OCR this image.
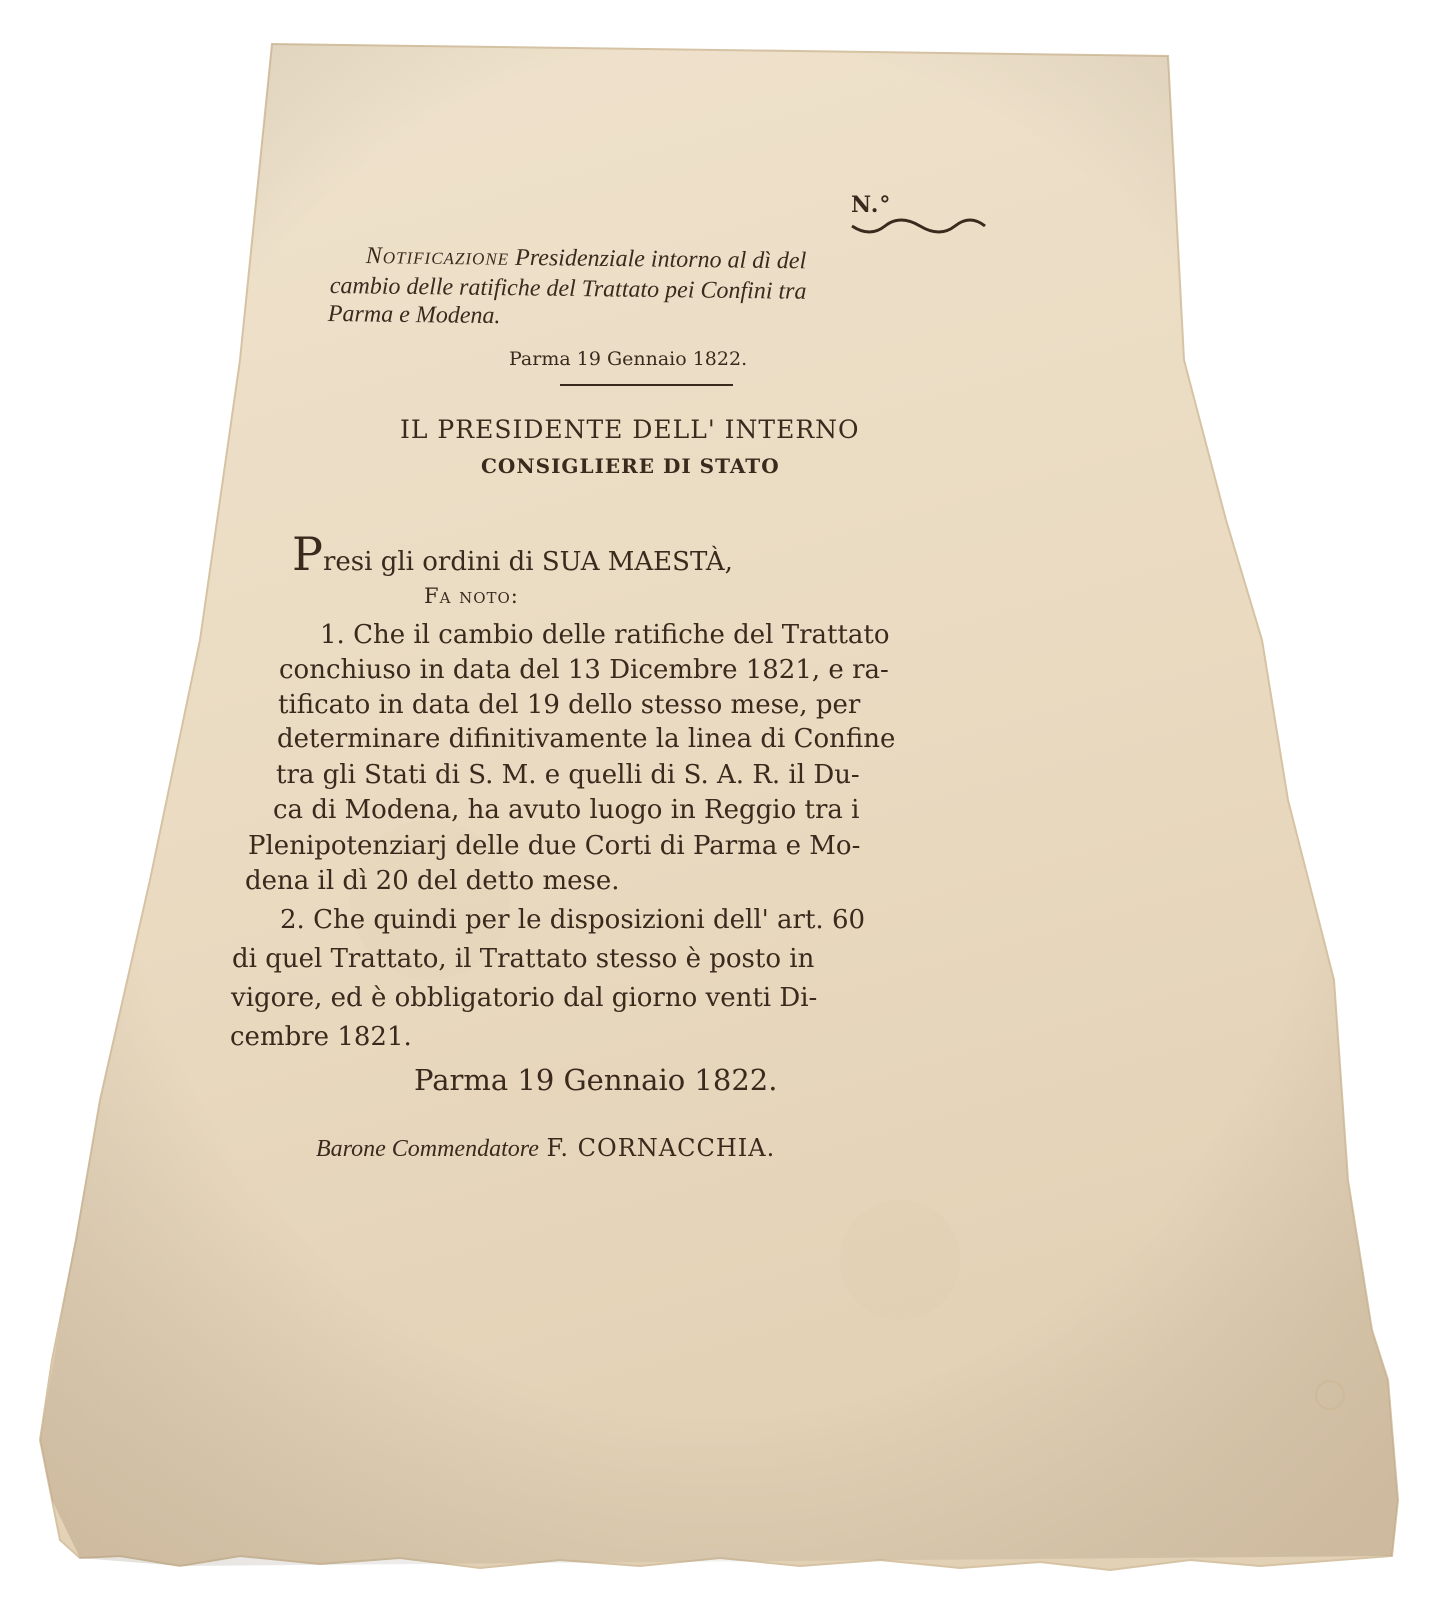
N.°
Notificazione Presidenziale intorno al dì del
cambio delle ratifiche del Trattato pei Confini tra
Parma e Modena.
Parma 19 Gennaio 1822.
IL PRESIDENTE DELL' INTERNO
CONSIGLIERE DI STATO
Presi gli ordini di SUA MAESTÀ,
Fa noto:
1. Che il cambio delle ratifiche del Trattato
conchiuso in data del 13 Dicembre 1821, e ra-
tificato in data del 19 dello stesso mese, per
determinare difinitivamente la linea di Confine
tra gli Stati di S. M. e quelli di S. A. R. il Du-
ca di Modena, ha avuto luogo in Reggio tra i
Plenipotenziarj delle due Corti di Parma e Mo-
dena il dì 20 del detto mese.
2. Che quindi per le disposizioni dell' art. 60
di quel Trattato, il Trattato stesso è posto in
vigore, ed è obbligatorio dal giorno venti Di-
cembre 1821.
Parma 19 Gennaio 1822.
Barone Commendatore F. CORNACCHIA.
